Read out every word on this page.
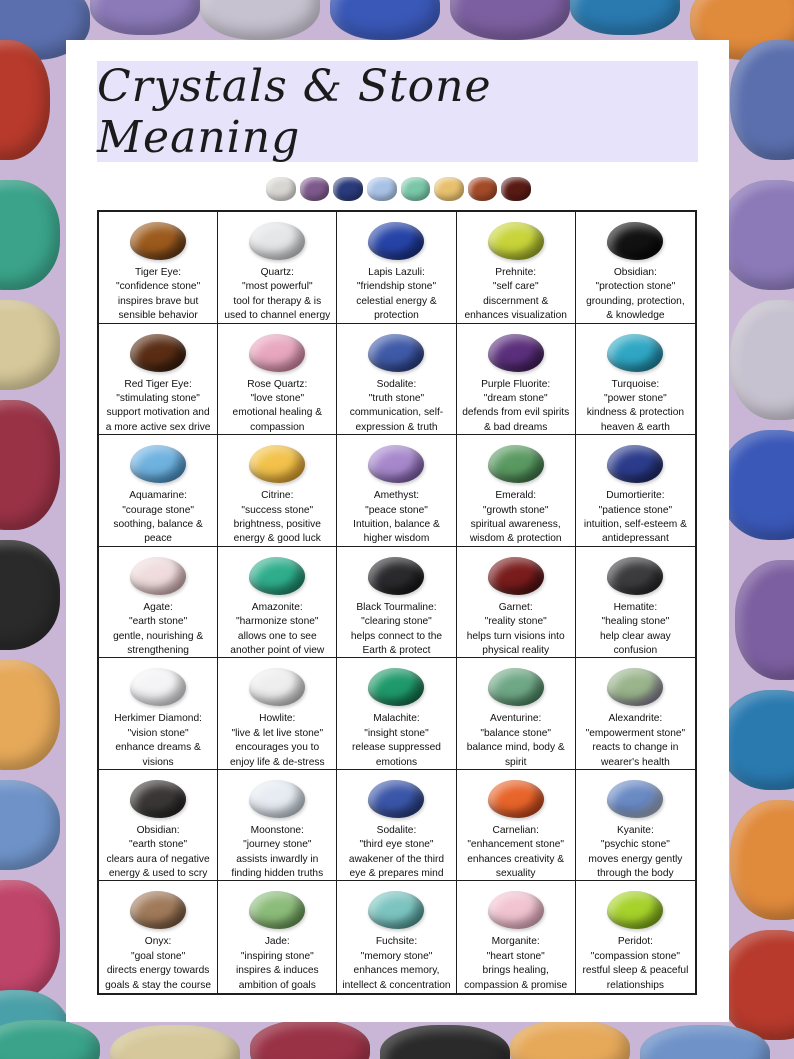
Crystals & Stone Meaning
Tiger Eye:
"confidence stone"
inspires brave but
sensible behavior
Quartz:
"most powerful"
tool for therapy & is
used to channel energy
Lapis Lazuli:
"friendship stone"
celestial energy &
protection
Prehnite:
"self care"
discernment &
enhances visualization
Obsidian:
"protection stone"
grounding, protection,
& knowledge
Red Tiger Eye:
"stimulating stone"
support motivation and
a more active sex drive
Rose Quartz:
"love stone"
emotional healing &
compassion
Sodalite:
"truth stone"
communication, self-
expression & truth
Purple Fluorite:
"dream stone"
defends from evil spirits
& bad dreams
Turquoise:
"power stone"
kindness & protection
heaven & earth
Aquamarine:
"courage stone"
soothing, balance &
peace
Citrine:
"success stone"
brightness, positive
energy & good luck
Amethyst:
"peace stone"
Intuition, balance &
higher wisdom
Emerald:
"growth stone"
spiritual awareness,
wisdom & protection
Dumortierite:
"patience stone"
intuition, self-esteem &
antidepressant
Agate:
"earth stone"
gentle, nourishing &
strengthening
Amazonite:
"harmonize stone"
allows one to see
another point of view
Black Tourmaline:
"clearing stone"
helps connect to the
Earth & protect
Garnet:
"reality stone"
helps turn visions into
physical reality
Hematite:
"healing stone"
help clear away
confusion
Herkimer Diamond:
"vision stone"
enhance dreams &
visions
Howlite:
"live & let live stone"
encourages you to
enjoy life & de-stress
Malachite:
"insight stone"
release suppressed
emotions
Aventurine:
"balance stone"
balance mind, body &
spirit
Alexandrite:
"empowerment stone"
reacts to change in
wearer's health
Obsidian:
"earth stone"
clears aura of negative
energy & used to scry
Moonstone:
"journey stone"
assists inwardly in
finding hidden truths
Sodalite:
"third eye stone"
awakener of the third
eye & prepares mind
Carnelian:
"enhancement stone"
enhances creativity &
sexuality
Kyanite:
"psychic stone"
moves energy gently
through the body
Onyx:
"goal stone"
directs energy towards
goals & stay the course
Jade:
"inspiring stone"
inspires & induces
ambition of goals
Fuchsite:
"memory stone"
enhances memory,
intellect & concentration
Morganite:
"heart stone"
brings healing,
compassion & promise
Peridot:
"compassion stone"
restful sleep & peaceful
relationships
